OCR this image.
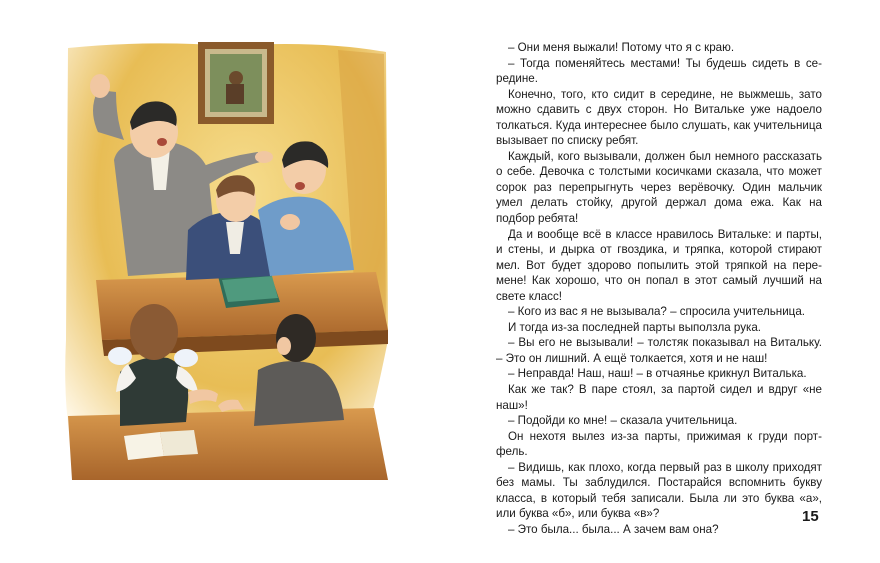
– Они меня выжали! Потому что я с краю.

– Тогда поменяйтесь местами! Ты будешь сидеть в середине.

Конечно, того, кто сидит в середине, не выжмешь, зато можно сдавить с двух сторон. Но Витальке уже надоело толкаться. Куда интереснее было слушать, как учительница вызывает по списку ребят.

Каждый, кого вызывали, должен был немного рассказать о себе. Девочка с толстыми косичками сказала, что может сорок раз перепрыгнуть через верёвочку. Один мальчик умел делать стойку, другой держал дома ежа. Как на подбор ребята!

Да и вообще всё в классе нравилось Витальке: и парты, и стены, и дырка от гвоздика, и тряпка, которой стирают мел. Вот будет здорово попылить этой тряпкой на перемене! Как хорошо, что он попал в этот самый лучший на свете класс!

– Кого из вас я не вызывала? – спросила учительница.

И тогда из-за последней парты выползла рука.

– Вы его не вызывали! – толстяк показывал на Витальку. – Это он лишний. А ещё толкается, хотя и не наш!

– Неправда! Наш, наш! – в отчаянье крикнул Виталька.

Как же так? В паре стоял, за партой сидел и вдруг «не наш»!

– Подойди ко мне! – сказала учительница.

Он нехотя вылез из-за парты, прижимая к груди портфель.

– Видишь, как плохо, когда первый раз в школу приходят без мамы. Ты заблудился. Постарайся вспомнить букву класса, в который тебя записали. Была ли это буква «а», или буква «б», или буква «в»?

– Это была... была... А зачем вам она?

15
